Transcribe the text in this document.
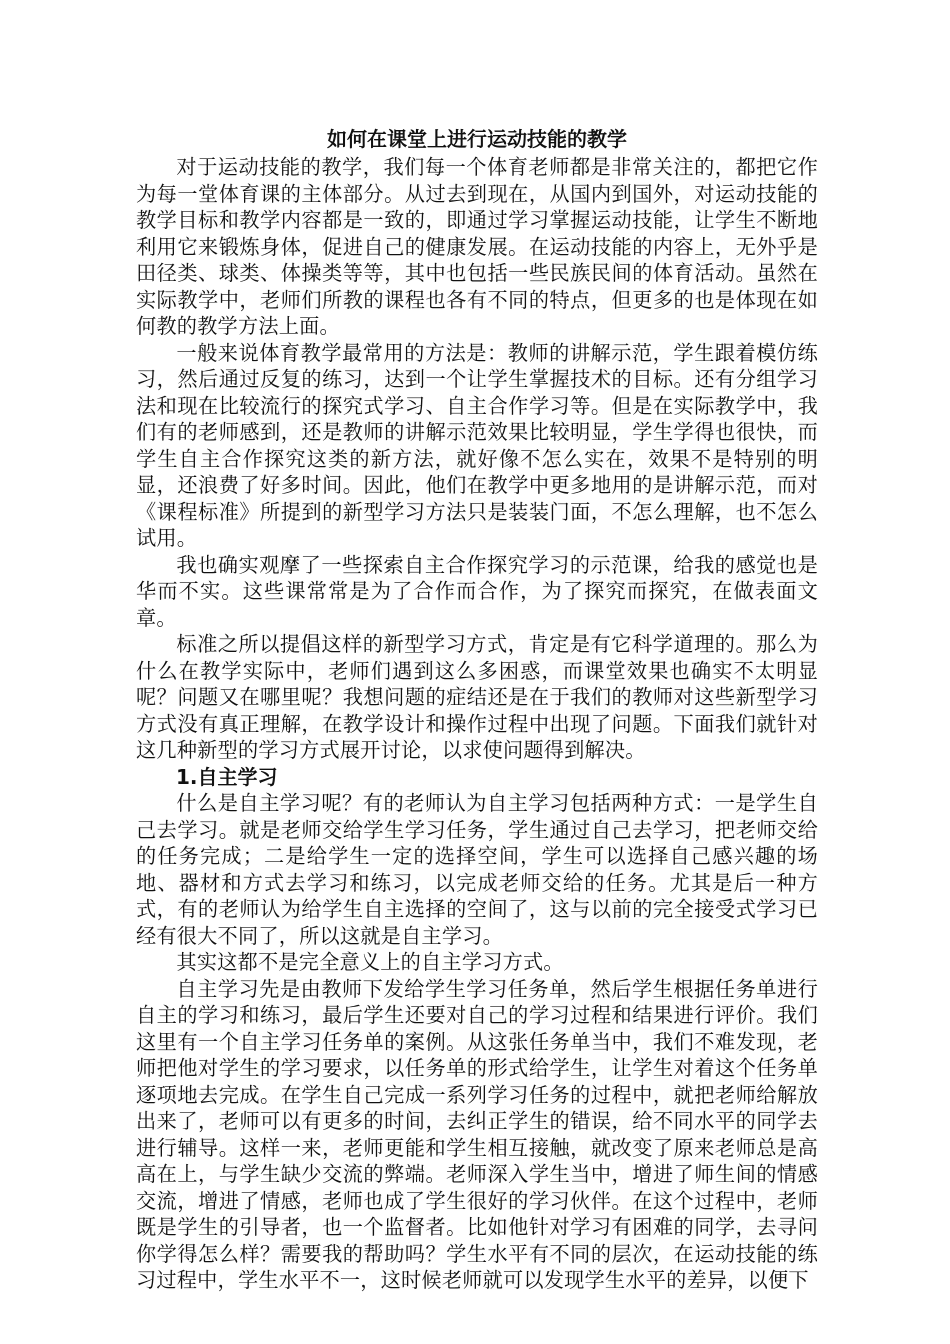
如何在课堂上进行运动技能的教学

对于运动技能的教学，我们每一个体育老师都是非常关注的，都把它作为每一堂体育课的主体部分。从过去到现在，从国内到国外，对运动技能的教学目标和教学内容都是一致的，即通过学习掌握运动技能，让学生不断地利用它来锻炼身体，促进自己的健康发展。在运动技能的内容上，无外乎是田径类、球类、体操类等等，其中也包括一些民族民间的体育活动。虽然在实际教学中，老师们所教的课程也各有不同的特点，但更多的也是体现在如何教的教学方法上面。

一般来说体育教学最常用的方法是：教师的讲解示范，学生跟着模仿练习，然后通过反复的练习，达到一个让学生掌握技术的目标。还有分组学习法和现在比较流行的探究式学习、自主合作学习等。但是在实际教学中，我们有的老师感到，还是教师的讲解示范效果比较明显，学生学得也很快，而学生自主合作探究这类的新方法，就好像不怎么实在，效果不是特别的明显，还浪费了好多时间。因此，他们在教学中更多地用的是讲解示范，而对《课程标准》所提到的新型学习方法只是装装门面，不怎么理解，也不怎么试用。

我也确实观摩了一些探索自主合作探究学习的示范课，给我的感觉也是华而不实。这些课常常是为了合作而合作，为了探究而探究，在做表面文章。

标准之所以提倡这样的新型学习方式，肯定是有它科学道理的。那么为什么在教学实际中，老师们遇到这么多困惑，而课堂效果也确实不太明显呢？问题又在哪里呢？我想问题的症结还是在于我们的教师对这些新型学习方式没有真正理解，在教学设计和操作过程中出现了问题。下面我们就针对这几种新型的学习方式展开讨论，以求使问题得到解决。

1.自主学习

什么是自主学习呢？有的老师认为自主学习包括两种方式：一是学生自己去学习。就是老师交给学生学习任务，学生通过自己去学习，把老师交给的任务完成；二是给学生一定的选择空间，学生可以选择自己感兴趣的场地、器材和方式去学习和练习，以完成老师交给的任务。尤其是后一种方式，有的老师认为给学生自主选择的空间了，这与以前的完全接受式学习已经有很大不同了，所以这就是自主学习。

其实这都不是完全意义上的自主学习方式。

自主学习先是由教师下发给学生学习任务单，然后学生根据任务单进行自主的学习和练习，最后学生还要对自己的学习过程和结果进行评价。我们这里有一个自主学习任务单的案例。从这张任务单当中，我们不难发现，老师把他对学生的学习要求，以任务单的形式给学生，让学生对着这个任务单逐项地去完成。在学生自己完成一系列学习任务的过程中，就把老师给解放出来了，老师可以有更多的时间，去纠正学生的错误，给不同水平的同学去进行辅导。这样一来，老师更能和学生相互接触，就改变了原来老师总是高高在上，与学生缺少交流的弊端。老师深入学生当中，增进了师生间的情感交流，增进了情感，老师也成了学生很好的学习伙伴。在这个过程中，老师既是学生的引导者，也一个监督者。比如他针对学习有困难的同学，去寻问你学得怎么样？需要我的帮助吗？学生水平有不同的层次，在运动技能的练习过程中，学生水平不一，这时候老师就可以发现学生水平的差异，以便下
